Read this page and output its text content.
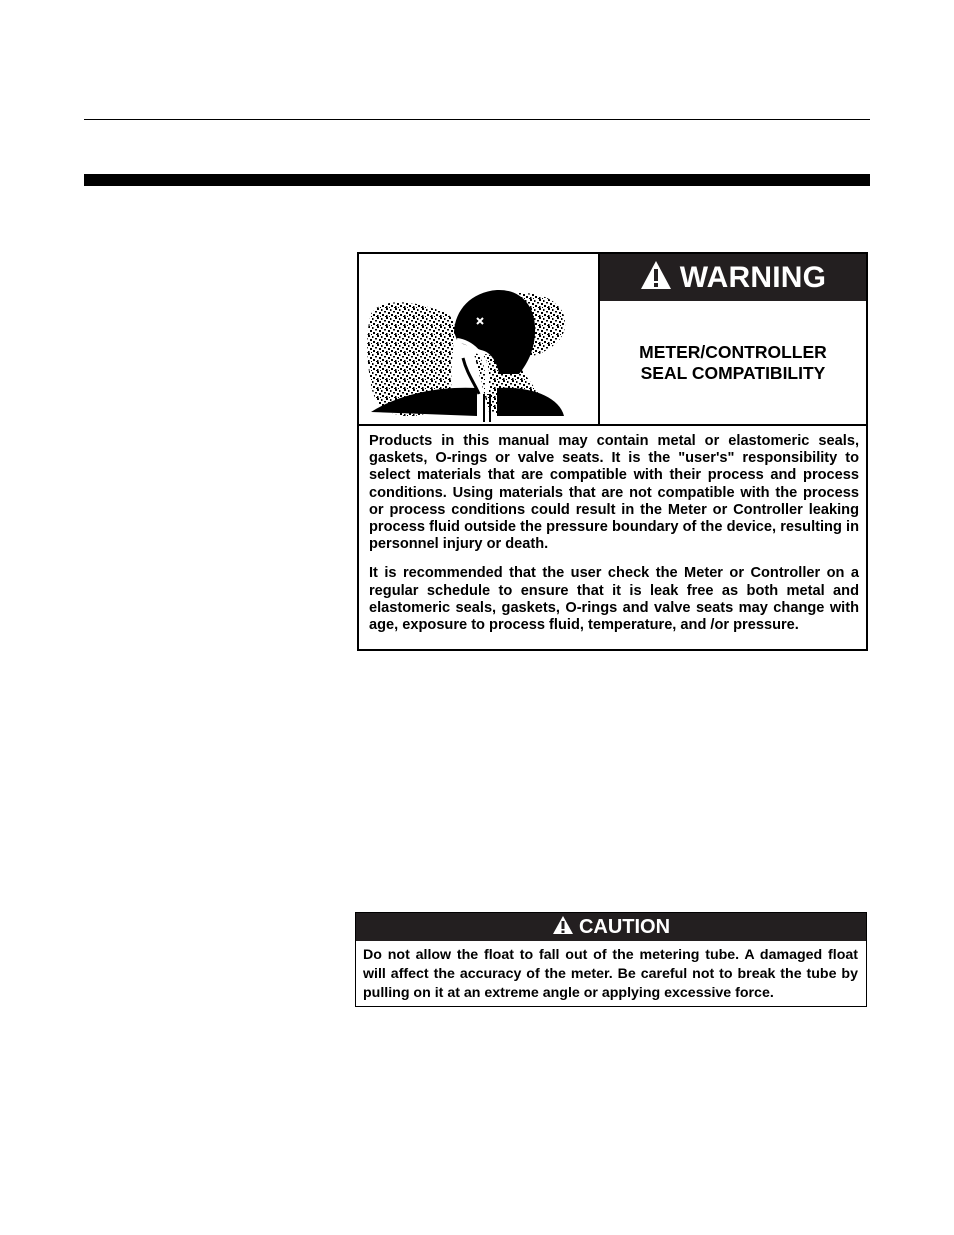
WARNING
METER/CONTROLLER
SEAL COMPATIBILITY

Products in this manual may contain metal or elastomeric seals, gaskets, O-rings or valve seats. It is the "user's" responsibility to select materials that are compatible with their process and process conditions. Using materials that are not compatible with the process or process conditions could result in the Meter or Controller leaking process fluid outside the pressure boundary of the device, resulting in personnel injury or death.

It is recommended that the user check the Meter or Controller on a regular schedule to ensure that it is leak free as both metal and elastomeric seals, gaskets, O-rings and valve seats may change with age, exposure to process fluid, temperature, and /or pressure.

CAUTION
Do not allow the float to fall out of the metering tube. A damaged float will affect the accuracy of the meter. Be careful not to break the tube by pulling on it at an extreme angle or applying excessive force.
